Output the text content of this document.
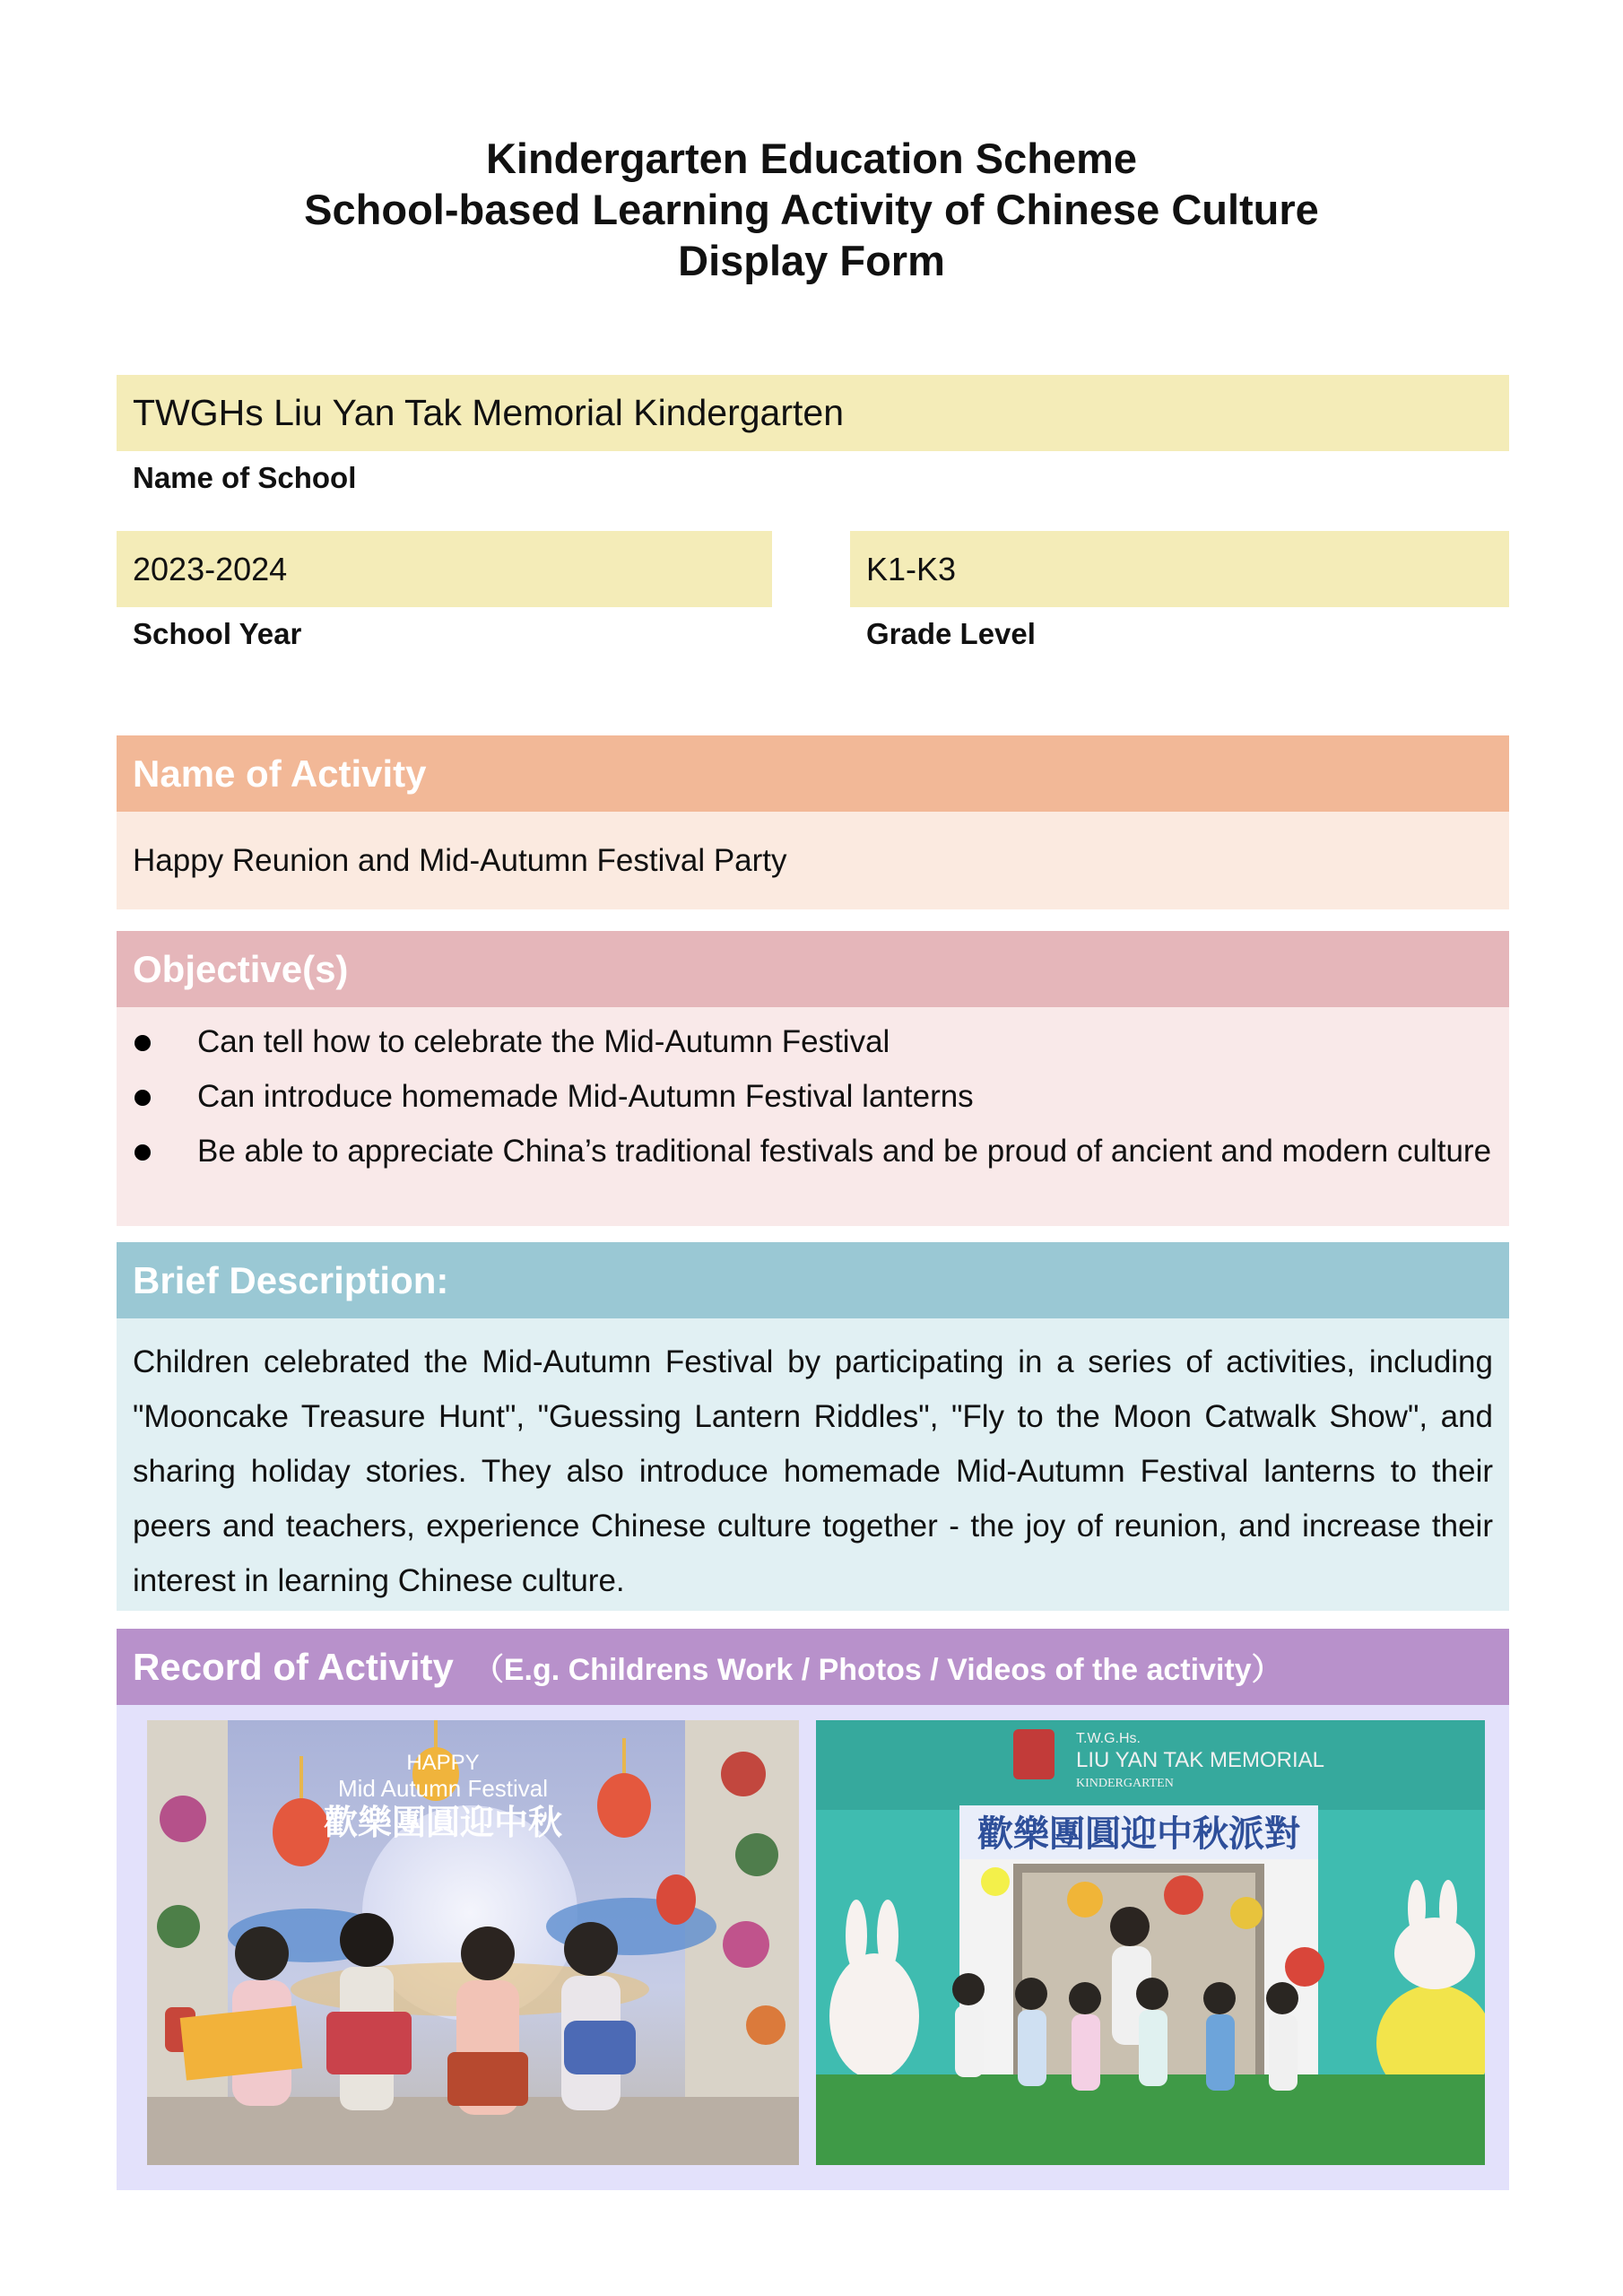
Kindergarten Education Scheme
School-based Learning Activity of Chinese Culture
Display Form
TWGHs Liu Yan Tak Memorial Kindergarten
Name of School
2023-2024
School Year
K1-K3
Grade Level
Name of Activity
Happy Reunion and Mid-Autumn Festival Party
Objective(s)
Can tell how to celebrate the Mid-Autumn Festival
Can introduce homemade Mid-Autumn Festival lanterns
Be able to appreciate China’s traditional festivals and be proud of ancient and modern culture
Brief Description:
Children celebrated the Mid-Autumn Festival by participating in a series of activities, including "Mooncake Treasure Hunt", "Guessing Lantern Riddles", "Fly to the Moon Catwalk Show", and sharing holiday stories. They also introduce homemade Mid-Autumn Festival lanterns to their peers and teachers, experience Chinese culture together - the joy of reunion, and increase their interest in learning Chinese culture.
Record of Activity （E.g. Childrens Work / Photos / Videos of the activity）
HAPPY
Mid Autumn Festival
歡樂團圓迎中秋
T.W.G.Hs.
LIU YAN TAK MEMORIAL
KINDERGARTEN
歡樂團圓迎中秋派對
